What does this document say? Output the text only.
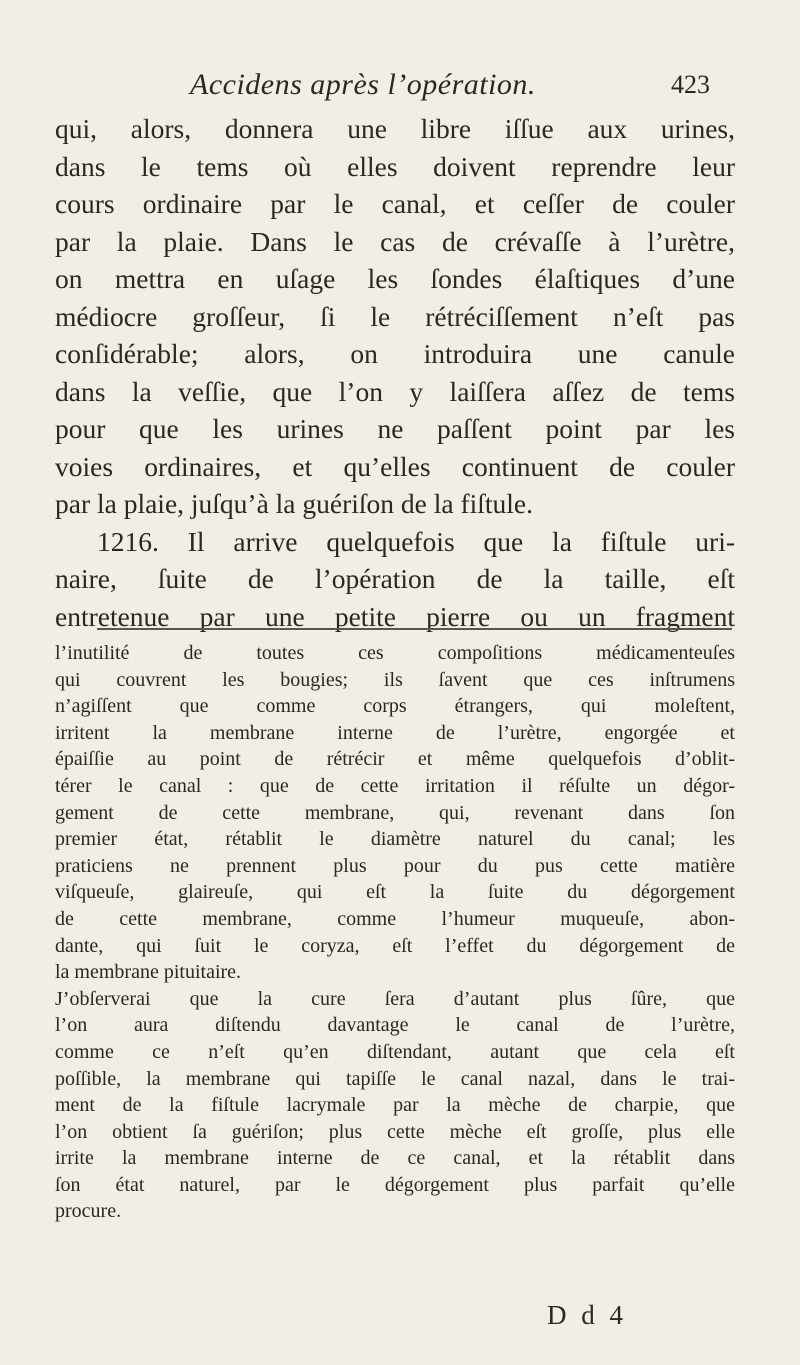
Accidens après l’opération.	423
qui, alors, donnera une libre iſſue aux urines,
dans le tems où elles doivent reprendre leur
cours ordinaire par le canal, et ceſſer de couler
par la plaie. Dans le cas de crévaſſe à l’urètre,
on mettra en uſage les ſondes élaſtiques d’une
médiocre groſſeur, ſi le rétréciſſement n’eſt pas
conſidérable; alors, on introduira une canule
dans la veſſie, que l’on y laiſſera aſſez de tems
pour que les urines ne paſſent point par les
voies ordinaires, et qu’elles continuent de couler
par la plaie, juſqu’à la guériſon de la fiſtule.
1216. Il arrive quelquefois que la fiſtule uri-
naire, ſuite de l’opération de la taille, eſt
entretenue par une petite pierre ou un fragment
l’inutilité de toutes ces compoſitions médicamenteuſes
qui couvrent les bougies; ils ſavent que ces inſtrumens
n’agiſſent que comme corps étrangers, qui moleſtent,
irritent la membrane interne de l’urètre, engorgée et
épaiſſie au point de rétrécir et même quelquefois d’oblit-
térer le canal : que de cette irritation il réſulte un dégor-
gement de cette membrane, qui, revenant dans ſon
premier état, rétablit le diamètre naturel du canal; les
praticiens ne prennent plus pour du pus cette matière
viſqueuſe, glaireuſe, qui eſt la ſuite du dégorgement
de cette membrane, comme l’humeur muqueuſe, abon-
dante, qui ſuit le coryza, eſt l’effet du dégorgement de
la membrane pituitaire.
J’obſerverai que la cure ſera d’autant plus ſûre, que
l’on aura diſtendu davantage le canal de l’urètre,
comme ce n’eſt qu’en diſtendant, autant que cela eſt
poſſible, la membrane qui tapiſſe le canal nazal, dans le trai-
ment de la fiſtule lacrymale par la mèche de charpie, que
l’on obtient ſa guériſon; plus cette mèche eſt groſſe, plus elle
irrite la membrane interne de ce canal, et la rétablit dans
ſon état naturel, par le dégorgement plus parfait qu’elle
procure.
D d 4
